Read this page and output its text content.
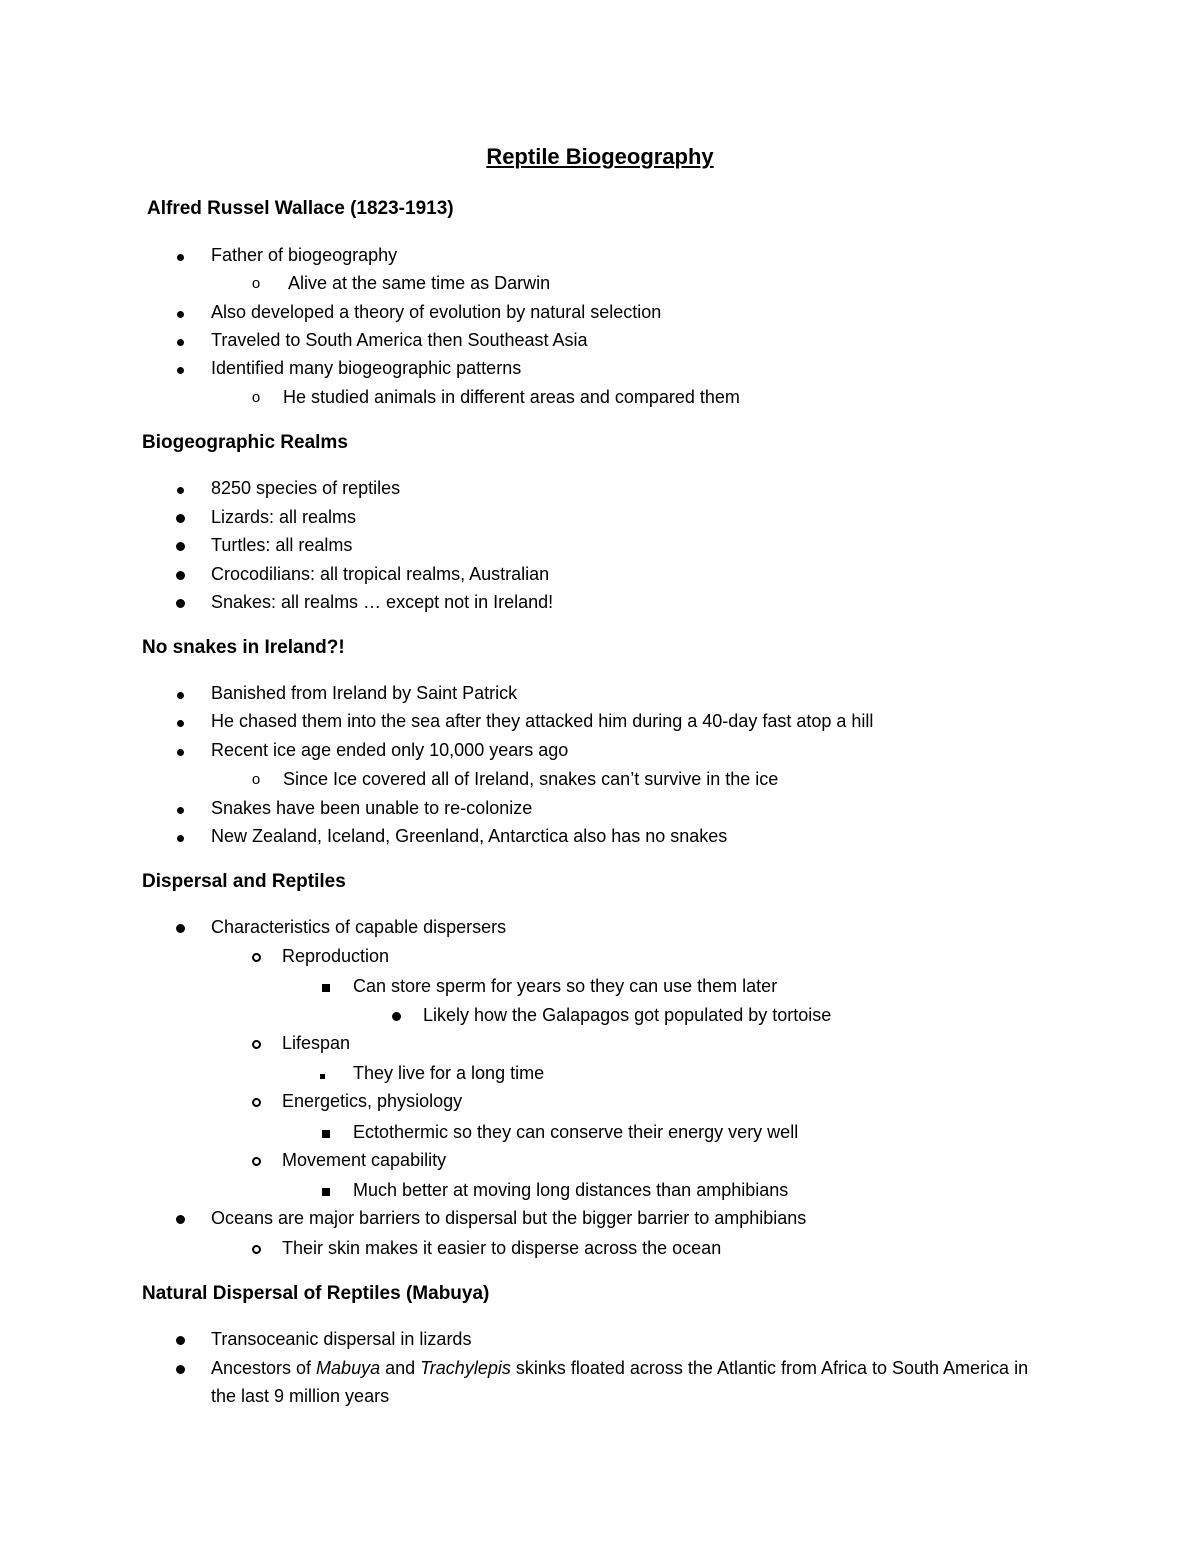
Reptile Biogeography
Alfred Russel Wallace (1823-1913)
Father of biogeography
o	Alive at the same time as Darwin
Also developed a theory of evolution by natural selection
Traveled to South America then Southeast Asia
Identified many biogeographic patterns
o	He studied animals in different areas and compared them
Biogeographic Realms
8250 species of reptiles
Lizards: all realms
Turtles: all realms
Crocodilians: all tropical realms, Australian
Snakes: all realms … except not in Ireland!
No snakes in Ireland?!
Banished from Ireland by Saint Patrick
He chased them into the sea after they attacked him during a 40-day fast atop a hill
Recent ice age ended only 10,000 years ago
o	Since Ice covered all of Ireland, snakes can’t survive in the ice
Snakes have been unable to re-colonize
New Zealand, Iceland, Greenland, Antarctica also has no snakes
Dispersal and Reptiles
Characteristics of capable dispersers
Reproduction
Can store sperm for years so they can use them later
Likely how the Galapagos got populated by tortoise
Lifespan
They live for a long time
Energetics, physiology
Ectothermic so they can conserve their energy very well
Movement capability
Much better at moving long distances than amphibians
Oceans are major barriers to dispersal but the bigger barrier to amphibians
Their skin makes it easier to disperse across the ocean
Natural Dispersal of Reptiles (Mabuya)
Transoceanic dispersal in lizards
Ancestors of Mabuya and Trachylepis skinks floated across the Atlantic from Africa to South America in the last 9 million years
